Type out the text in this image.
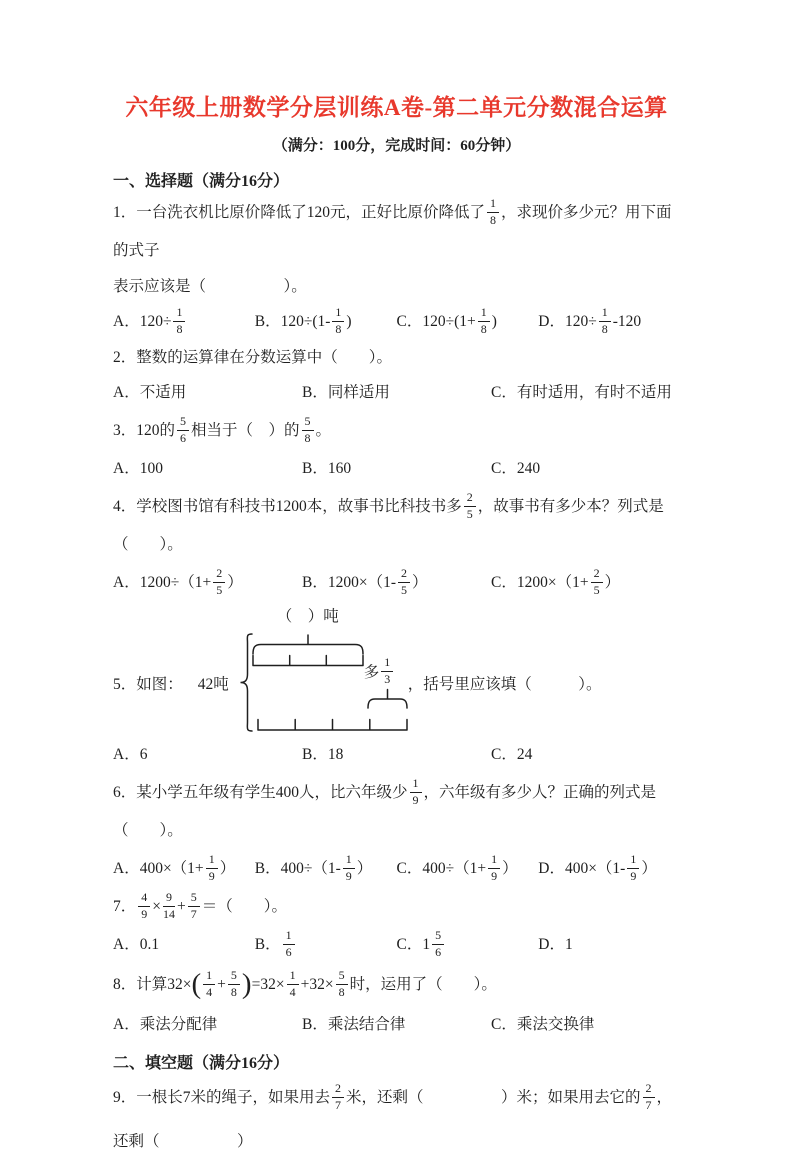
六年级上册数学分层训练A卷-第二单元分数混合运算
（满分：100分，完成时间：60分钟）
一、选择题（满分16分）
1．一台洗衣机比原价降低了120元，正好比原价降低了 $\frac{1}{8}$ ，求现价多少元？用下面的式子
表示应该是（　　　　　）。
A．$120\div \frac{1}{8}$	B．$120\div(1- \frac{1}{8}$ )	C．$120\div(1+ \frac{1}{8}$ )	D．$120\div \frac{1}{8} -120$
2．整数的运算律在分数运算中（　　）。
A．不适用	B．同样适用	C．有时适用，有时不适用
3．120的 $\frac{5}{6}$ 相当于（　）的 $\frac{5}{8}$ 。
A．100	B．160	C．240
4．学校图书馆有科技书1200本，故事书比科技书多 $\frac{2}{5}$ ，故事书有多少本？列式是（　　）。
A．$1200\div(1+ \frac{2}{5}$ ）	B．$1200\times(1- \frac{2}{5}$ ）	C．$1200\times(1+ \frac{2}{5}$ ）
5．如图： 42吨
（　）吨
多 $\frac{1}{3}$ ，括号里应该填（　　　）。
A．6	B．18	C．24
6．某小学五年级有学生400人，比六年级少 $\frac{1}{9}$ ，六年级有多少人？正确的列式是（　　）。
A．$400\times(1+ \frac{1}{9}$ ）	B．$400\div(1- \frac{1}{9}$ ）	C．$400\div(1+ \frac{1}{9}$ ）	D．$400\times(1- \frac{1}{9}$ ）
7． $\frac{4}{9} \times \frac{9}{14} + \frac{5}{7}$ ＝（　　）。
A．0.1	B． $\frac{1}{6}$	C．$1 \frac{5}{6}$	D．1
8．计算$32\times( \frac{1}{4} + \frac{5}{8} )=32\times \frac{1}{4} +32\times \frac{5}{8}$ 时，运用了（　　）。
A．乘法分配律	B．乘法结合律	C．乘法交换律
二、填空题（满分16分）
9．一根长7米的绳子，如果用去 $\frac{2}{7}$ 米，还剩（　　　　　）米；如果用去它的 $\frac{2}{7}$ ，还剩（　　　　　）
